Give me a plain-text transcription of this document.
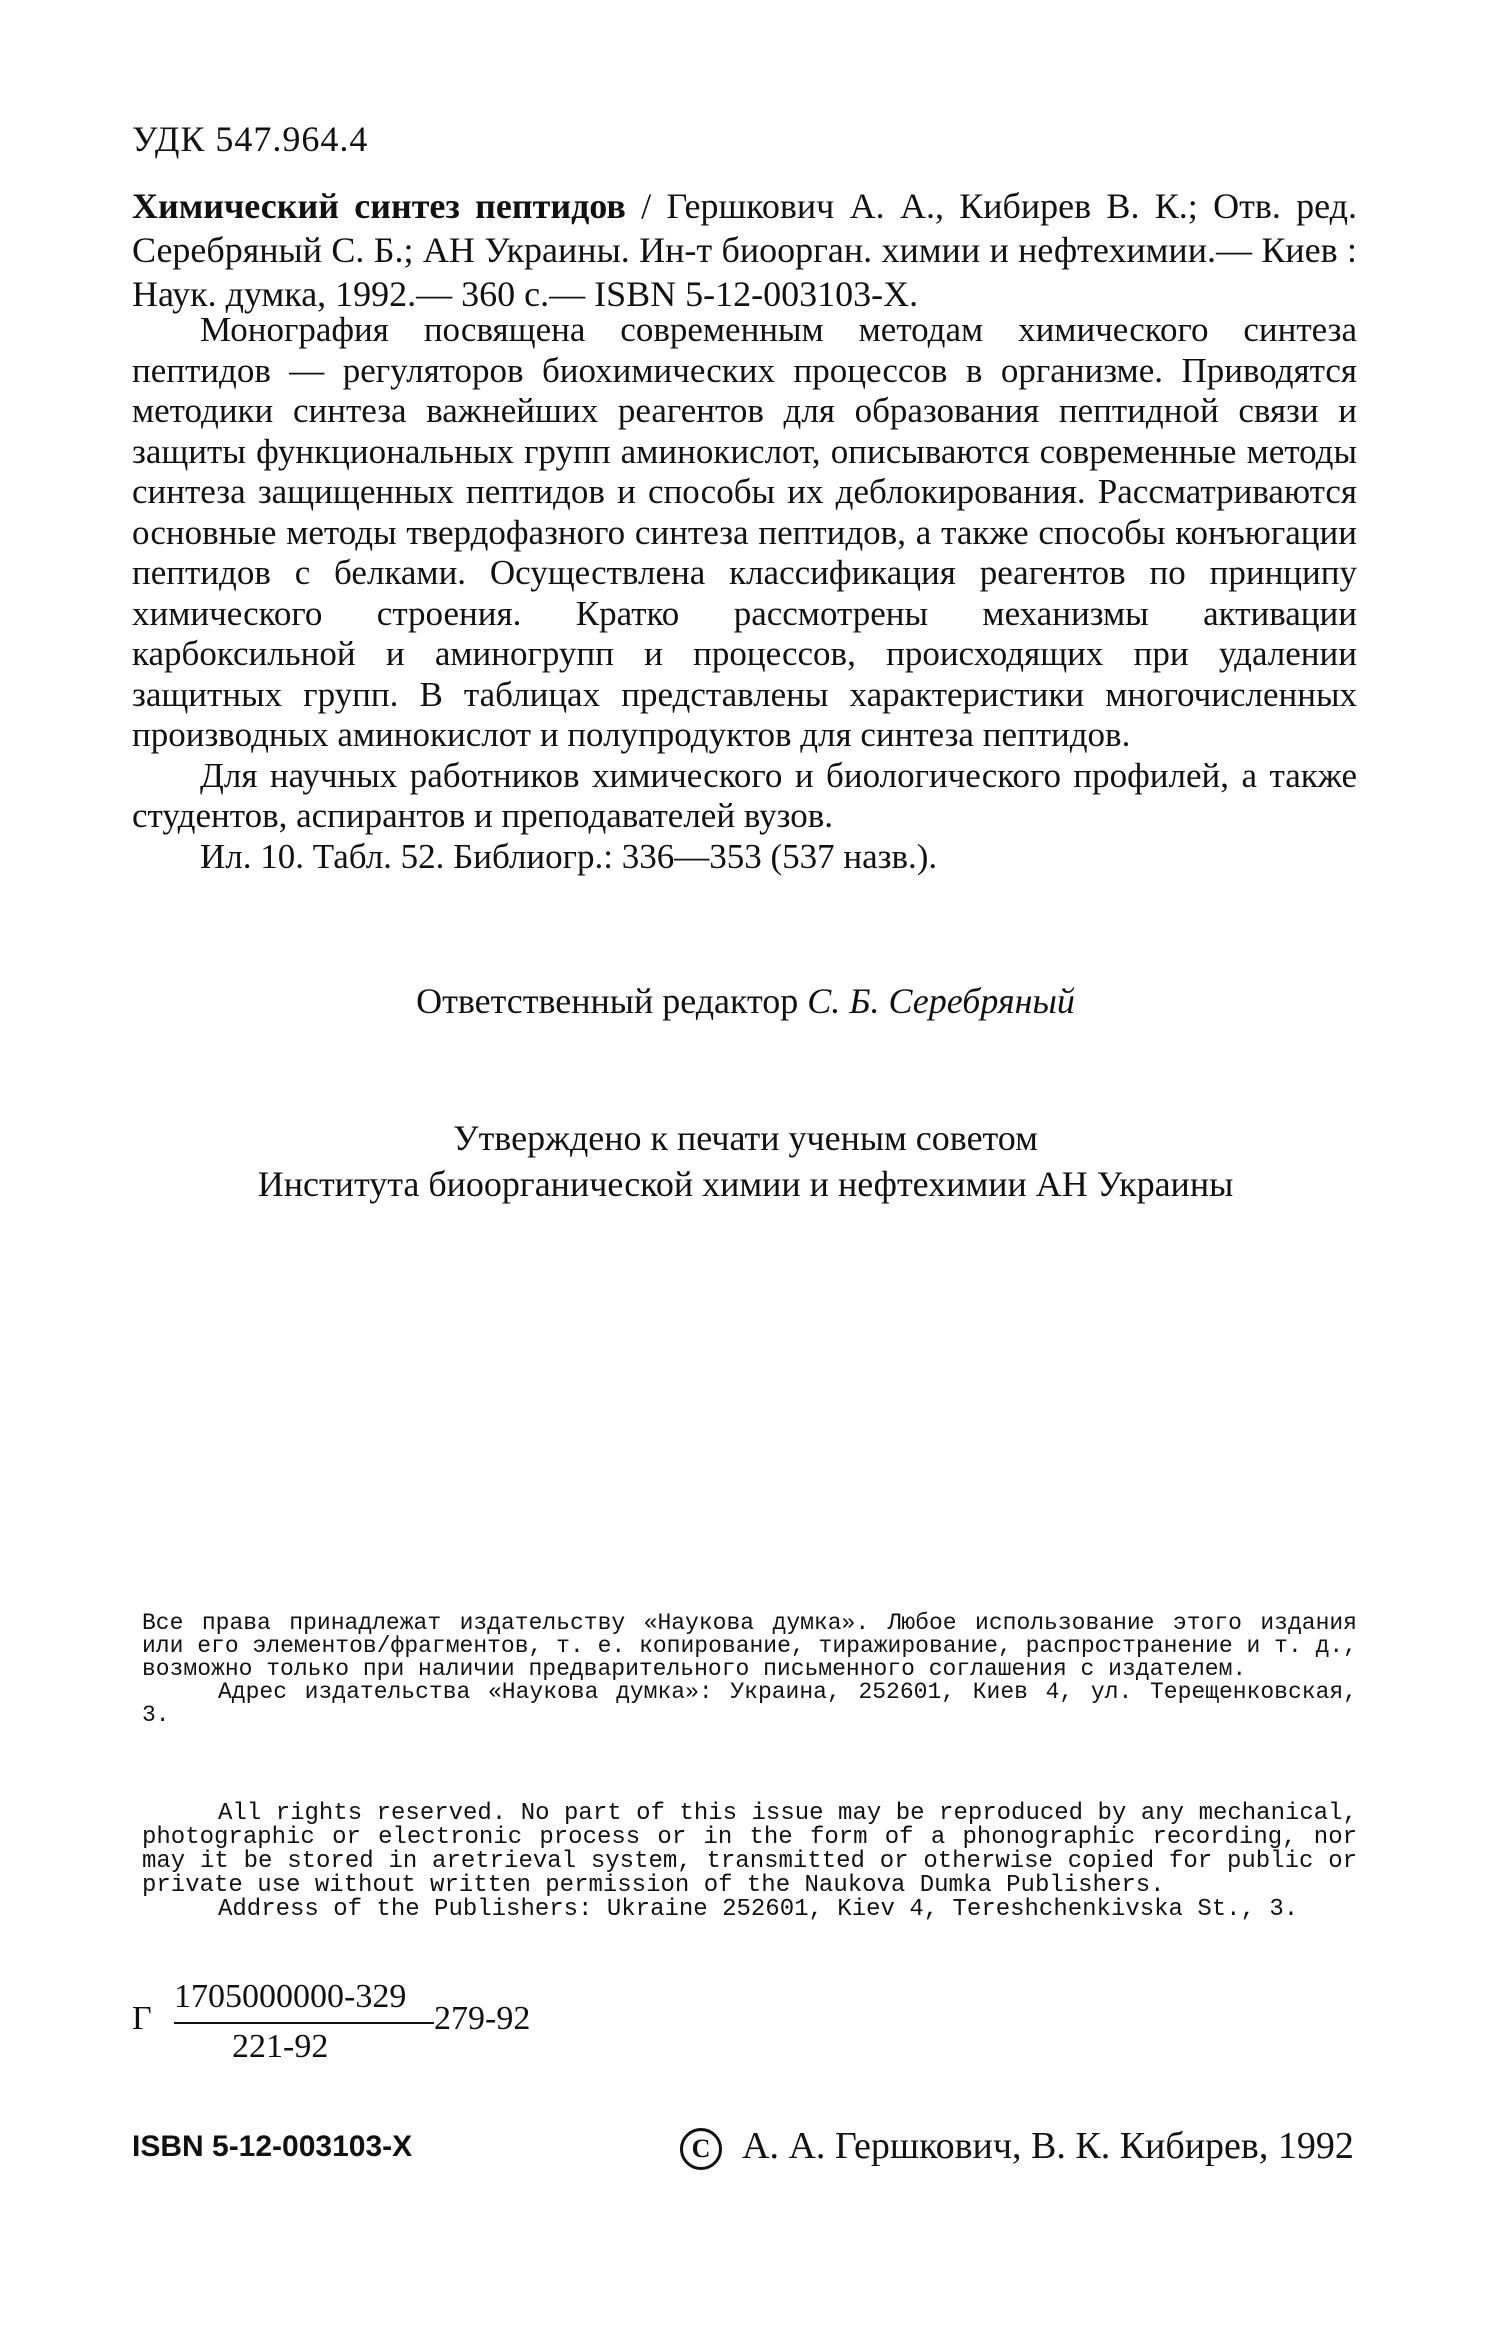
УДК 547.964.4
Химический синтез пептидов / Гершкович А. А., Кибирев В. К.; Отв. ред. Серебряный С. Б.; АН Украины. Ин-т биоорган. химии и нефтехимии.— Киев : Наук. думка, 1992.— 360 с.— ISBN 5-12-003103-X.

Монография посвящена современным методам химического синтеза пептидов — регуляторов биохимических процессов в организме. Приводятся методики синтеза важнейших реагентов для образования пептидной связи и защиты функциональных групп аминокислот, описываются современные методы синтеза защищенных пептидов и способы их деблокирования. Рассматриваются основные методы твердофазного синтеза пептидов, а также способы конъюгации пептидов с белками. Осуществлена классификация реагентов по принципу химического строения. Кратко рассмотрены механизмы активации карбоксильной и аминогрупп и процессов, происходящих при удалении защитных групп. В таблицах представлены характеристики многочисленных производных аминокислот и полупродуктов для синтеза пептидов.

Для научных работников химического и биологического профилей, а также студентов, аспирантов и преподавателей вузов.

Ил. 10. Табл. 52. Библиогр.: 336—353 (537 назв.).

Ответственный редактор С. Б. Серебряный
Утверждено к печати ученым советом
Института биоорганической химии и нефтехимии АН Украины

Все права принадлежат издательству «Наукова думка». Любое использование этого издания или его элементов/фрагментов, т. е. копирование, тиражирование, распространение и т. д., возможно только при наличии предварительного письменного соглашения с издателем.

Адрес издательства «Наукова думка»: Украина, 252601, Киев 4, ул. Терещенковская, 3.

All rights reserved. No part of this issue may be reproduced by any mechanical, photographic or electronic process or in the form of a phonographic recording, nor may it be stored in aretrieval system, transmitted or otherwise copied for public or private use without written permission of the Naukova Dumka Publishers.

Address of the Publishers: Ukraine 252601, Kiev 4, Tereshchenkivska St., 3.

Г
1705000000-329
221-92
279-92
ISBN 5-12-003103-X	C А. А. Гершкович, В. К. Кибирев, 1992
